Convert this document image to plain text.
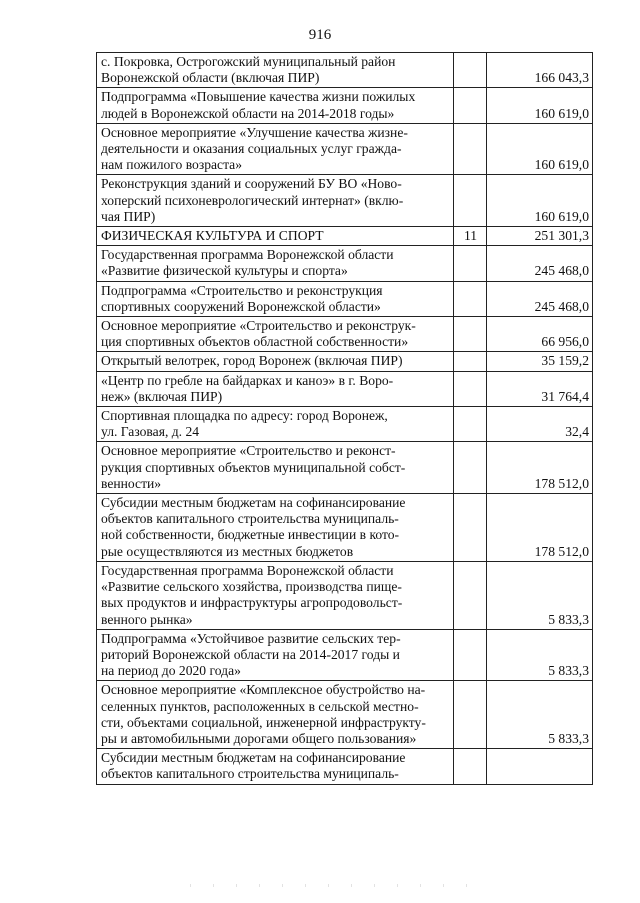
916
с. Покровка, Острогожский муниципальный район
Воронежской области (включая ПИР)		166 043,3

Подпрограмма «Повышение качества жизни пожилых
людей в Воронежской области на 2014-2018 годы»		160 619,0

Основное мероприятие «Улучшение качества жизне-
деятельности и оказания социальных услуг гражда-
нам пожилого возраста»		160 619,0

Реконструкция зданий и сооружений БУ ВО «Ново-
хоперский психоневрологический интернат» (вклю-
чая ПИР)		160 619,0

ФИЗИЧЕСКАЯ КУЛЬТУРА И СПОРТ	11	251 301,3

Государственная программа Воронежской области
«Развитие физической культуры и спорта»		245 468,0

Подпрограмма «Строительство и реконструкция
спортивных сооружений Воронежской области»		245 468,0

Основное мероприятие «Строительство и реконструк-
ция спортивных объектов областной собственности»		66 956,0

Открытый велотрек, город Воронеж (включая ПИР)		35 159,2

«Центр по гребле на байдарках и каноэ» в г. Воро-
неж» (включая ПИР)		31 764,4

Спортивная площадка по адресу: город Воронеж,
ул. Газовая, д. 24		32,4

Основное мероприятие «Строительство и реконст-
рукция спортивных объектов муниципальной собст-
венности»		178 512,0

Субсидии местным бюджетам на софинансирование
объектов капитального строительства муниципаль-
ной собственности, бюджетные инвестиции в кото-
рые осуществляются из местных бюджетов		178 512,0

Государственная программа Воронежской области
«Развитие сельского хозяйства, производства пище-
вых продуктов и инфраструктуры агропродовольст-
венного рынка»		5 833,3

Подпрограмма «Устойчивое развитие сельских тер-
риторий Воронежской области на 2014-2017 годы и
на период до 2020 года»		5 833,3

Основное мероприятие «Комплексное обустройство на-
селенных пунктов, расположенных в сельской местно-
сти, объектами социальной, инженерной инфраструкту-
ры и автомобильными дорогами общего пользования»		5 833,3

Субсидии местным бюджетам на софинансирование
объектов капитального строительства муниципаль-		
